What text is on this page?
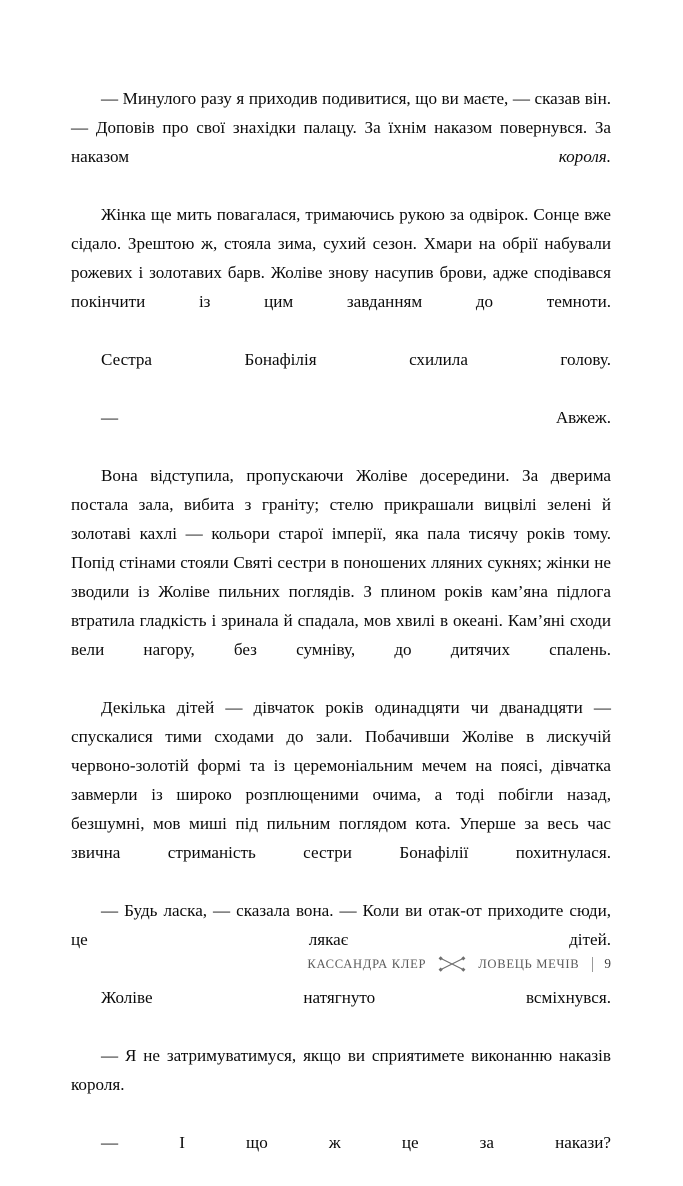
— Минулого разу я приходив подивитися, що ви маєте, — сказав він. — Доповів про свої знахідки палацу. За їхнім наказом повернувся. За наказом короля.

Жінка ще мить повагалася, тримаючись рукою за одвірок. Сонце вже сідало. Зрештою ж, стояла зима, сухий сезон. Хмари на обрії набували рожевих і золотавих барв. Жоліве знову насупив брови, адже сподівався покінчити із цим завданням до темноти.

Сестра Бонафілія схилила голову.

— Авжеж.

Вона відступила, пропускаючи Жоліве досередини. За дверима постала зала, вибита з граніту; стелю прикрашали вицвілі зелені й золотаві кахлі — кольори старої імперії, яка пала тисячу років тому. Попід стінами стояли Святі сестри в поношених лляних сукнях; жінки не зводили із Жоліве пильних поглядів. З плином років кам’яна підлога втратила гладкість і зринала й спадала, мов хвилі в океані. Кам’яні сходи вели нагору, без сумніву, до дитячих спалень.

Декілька дітей — дівчаток років одинадцяти чи дванадцяти — спускалися тими сходами до зали. Побачивши Жоліве в лискучій червоно-золотій формі та із церемоніальним мечем на поясі, дівчатка завмерли із широко розплющеними очима, а тоді побігли назад, безшумні, мов миші під пильним поглядом кота. Уперше за весь час звична стриманість сестри Бонафілії похитнулася.

— Будь ласка, — сказала вона. — Коли ви отак-от приходите сюди, це лякає дітей.

Жоліве натягнуто всміхнувся.

— Я не затримуватимуся, якщо ви сприятимете виконанню наказів короля.

— І що ж це за накази?

КАССАНДРА КЛЕР	ЛОВЕЦЬ МЕЧІВ 9
